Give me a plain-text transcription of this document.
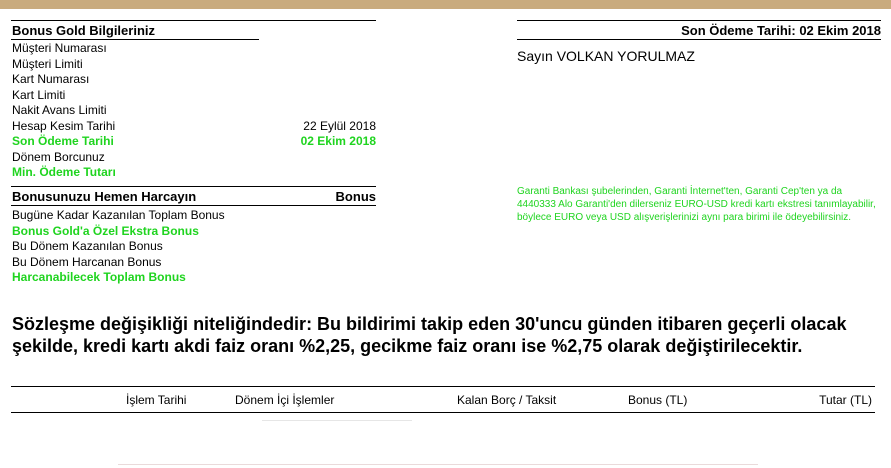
Bonus Gold Bilgileriniz
Müşteri Numarası
Müşteri Limiti
Kart Numarası
Kart Limiti
Nakit Avans Limiti
Hesap Kesim Tarihi	22 Eylül 2018
Son Ödeme Tarihi	02 Ekim 2018
Dönem Borcunuz
Min. Ödeme Tutarı
Bonusunuzu Hemen Harcayın	Bonus
Bugüne Kadar Kazanılan Toplam Bonus
Bonus Gold'a Özel Ekstra Bonus
Bu Dönem Kazanılan Bonus
Bu Dönem Harcanan Bonus
Harcanabilecek Toplam Bonus
Son Ödeme Tarihi: 02 Ekim 2018
Sayın VOLKAN YORULMAZ
Garanti Bankası şubelerinden, Garanti İnternet'ten, Garanti Cep'ten ya da 4440333 Alo Garanti'den dilerseniz EURO-USD kredi kartı ekstresi tanımlayabilir, böylece EURO veya USD alışverişlerinizi aynı para birimi ile ödeyebilirsiniz.
Sözleşme değişikliği niteliğindedir: Bu bildirimi takip eden 30'uncu günden itibaren geçerli olacak şekilde, kredi kartı akdi faiz oranı %2,25, gecikme faiz oranı ise %2,75 olarak değiştirilecektir.
İşlem Tarihi	Dönem İçi İşlemler	Kalan Borç / Taksit	Bonus (TL)	Tutar (TL)
